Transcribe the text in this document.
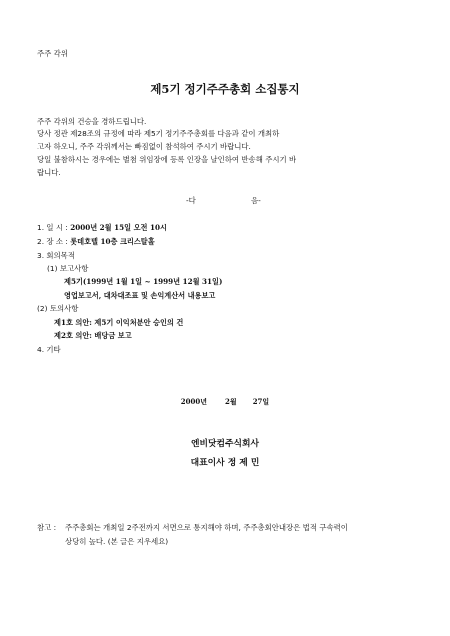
주주 각위
제5기 정기주주총회 소집통지
주주 각위의 건승을 경하드립니다.
당사 정관 제28조의 규정에 따라 제5기 정기주주총회를 다음과 같이 개최하
고자 하오니, 주주 각위께서는 빠짐없이 참석하여 주시기 바랍니다.
당일 불참하시는 경우에는 별첨 위임장에 등록 인장을 날인하여 반송해 주시기 바
랍니다.
-다	음-
1. 일 시 : 2000년 2월 15일 오전 10시
2. 장 소 : 롯데호텔 10층 크리스탈홀
3. 회의목적
(1) 보고사항
제5기(1999년 1월 1일 ~ 1999년 12월 31일)
영업보고서, 대차대조표 및 손익계산서 내용보고
(2) 토의사항
제1호 의안: 제5기 이익처분안 승인의 건
제2호 의안: 배당금 보고
4. 기타
2000년	2월 27일
엔비닷컴주식회사
대표이사 정 제 민
참고 : 주주총회는 개최일 2주전까지 서면으로 통지해야 하며, 주주총회안내장은 법적 구속력이
상당히 높다. (본 글은 지우세요)
